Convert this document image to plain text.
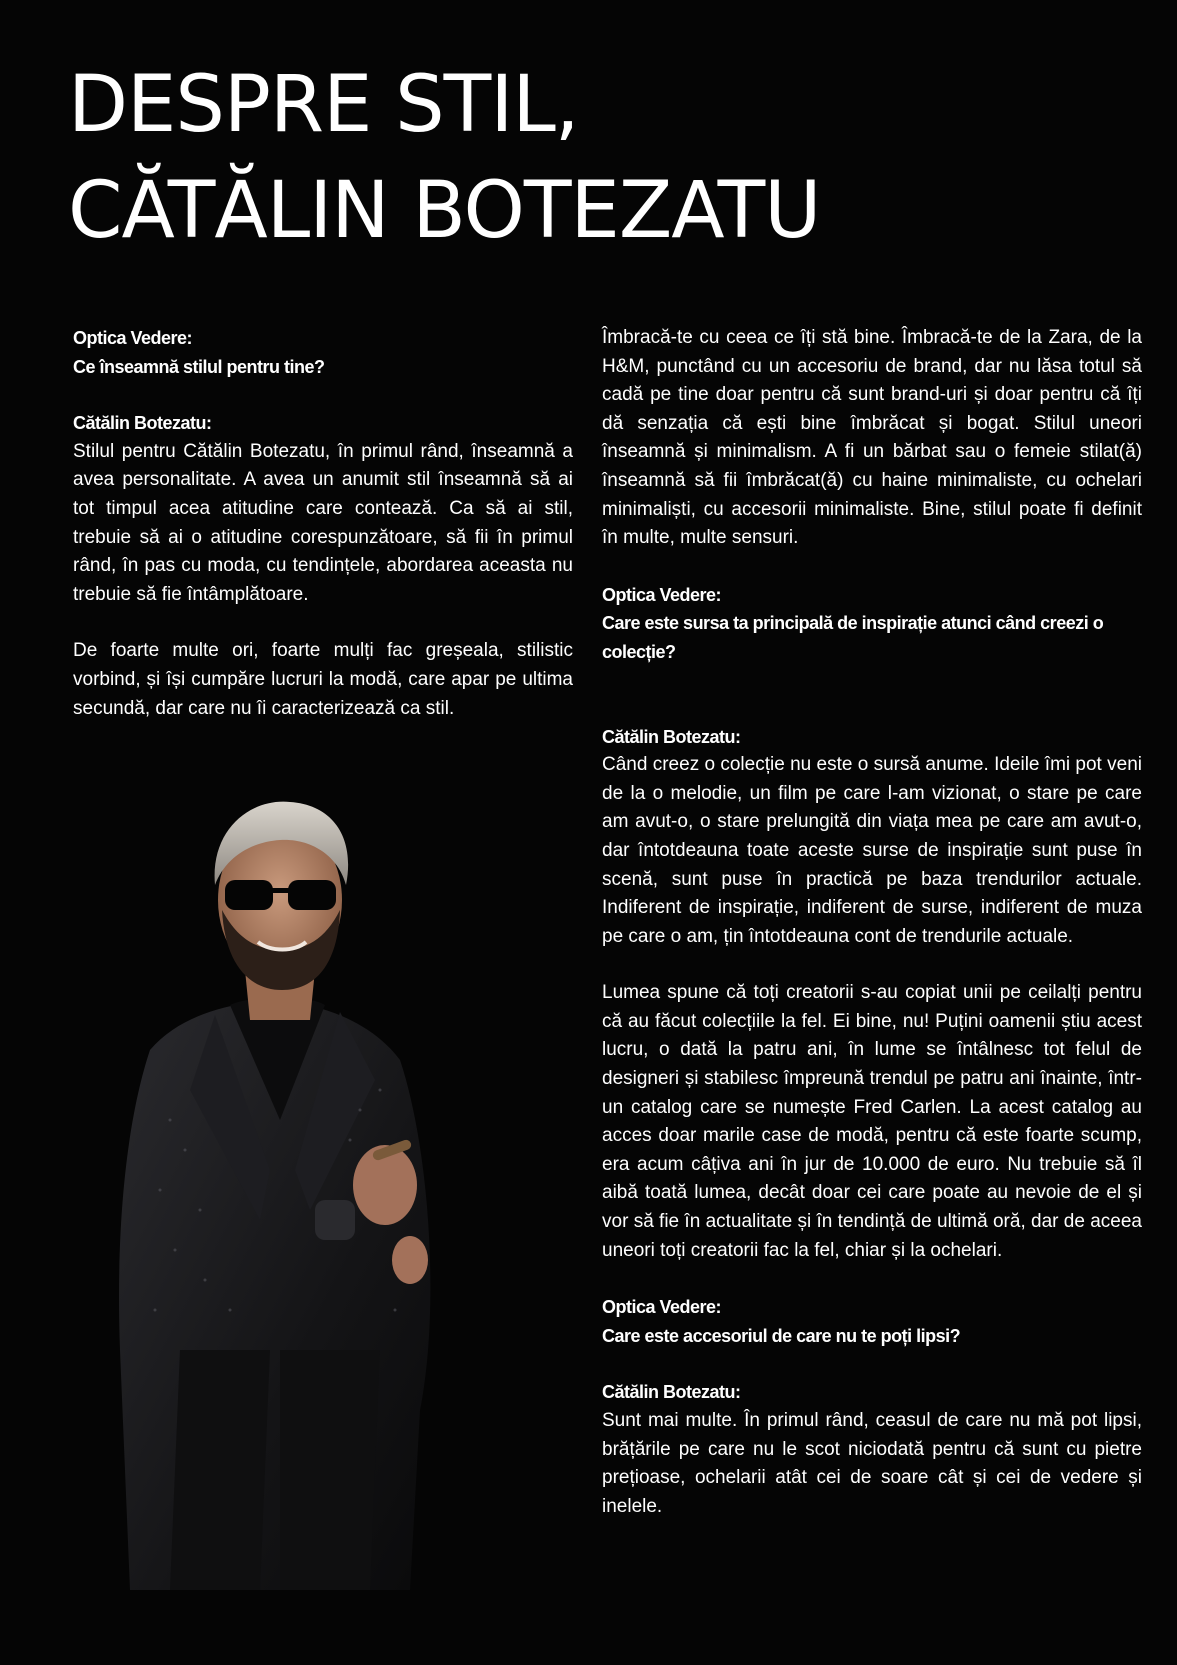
DESPRE STIL,
CĂTĂLIN BOTEZATU

Optica Vedere:

Ce înseamnă stilul pentru tine?

Cătălin Botezatu:

Stilul pentru Cătălin Botezatu, în primul rând, înseamnă a avea personalitate. A avea un anumit stil înseamnă să ai tot timpul acea atitudine care contează. Ca să ai stil, trebuie să ai o atitudine corespunzătoare, să fii în primul rând, în pas cu moda, cu tendințele, abordarea aceasta nu trebuie să fie întâmplătoare.

De foarte multe ori, foarte mulți fac greșeala, stilistic vorbind, și își cumpăre lucruri la modă, care apar pe ultima secundă, dar care nu îi caracterizează ca stil.

Îmbracă-te cu ceea ce îți stă bine. Îmbracă-te de la Zara, de la H&M, punctând cu un accesoriu de brand, dar nu lăsa totul să cadă pe tine doar pentru că sunt brand-uri și doar pentru că îți dă senzația că ești bine îmbrăcat și bogat. Stilul uneori înseamnă și minimalism. A fi un bărbat sau o femeie stilat(ă) înseamnă să fii îmbrăcat(ă) cu haine minimaliste, cu ochelari minimaliști, cu accesorii minimaliste. Bine, stilul poate fi definit în multe, multe sensuri.

Optica Vedere:

Care este sursa ta principală de inspirație atunci când creezi o colecție?

Cătălin Botezatu:

Când creez o colecție nu este o sursă anume. Ideile îmi pot veni de la o melodie, un film pe care l-am vizionat, o stare pe care am avut-o, o stare prelungită din viața mea pe care am avut-o, dar întotdeauna toate aceste surse de inspirație sunt puse în scenă, sunt puse în practică pe baza trendurilor actuale. Indiferent de inspirație, indiferent de surse, indiferent de muza pe care o am, țin întotdeauna cont de trendurile actuale.

Lumea spune că toți creatorii s-au copiat unii pe ceilalți pentru că au făcut colecțiile la fel. Ei bine, nu! Puțini oamenii știu acest lucru, o dată la patru ani, în lume se întâlnesc tot felul de designeri și stabilesc împreună trendul pe patru ani înainte, într-un catalog care se numește Fred Carlen. La acest catalog au acces doar marile case de modă, pentru că este foarte scump, era acum câțiva ani în jur de 10.000 de euro. Nu trebuie să îl aibă toată lumea, decât doar cei care poate au nevoie de el și vor să fie în actualitate și în tendință de ultimă oră, dar de aceea uneori toți creatorii fac la fel, chiar și la ochelari.

Optica Vedere:

Care este accesoriul de care nu te poți lipsi?

Cătălin Botezatu:

Sunt mai multe. În primul rând, ceasul de care nu mă pot lipsi, brățările pe care nu le scot niciodată pentru că sunt cu pietre prețioase, ochelarii atât cei de soare cât și cei de vedere și inelele.
